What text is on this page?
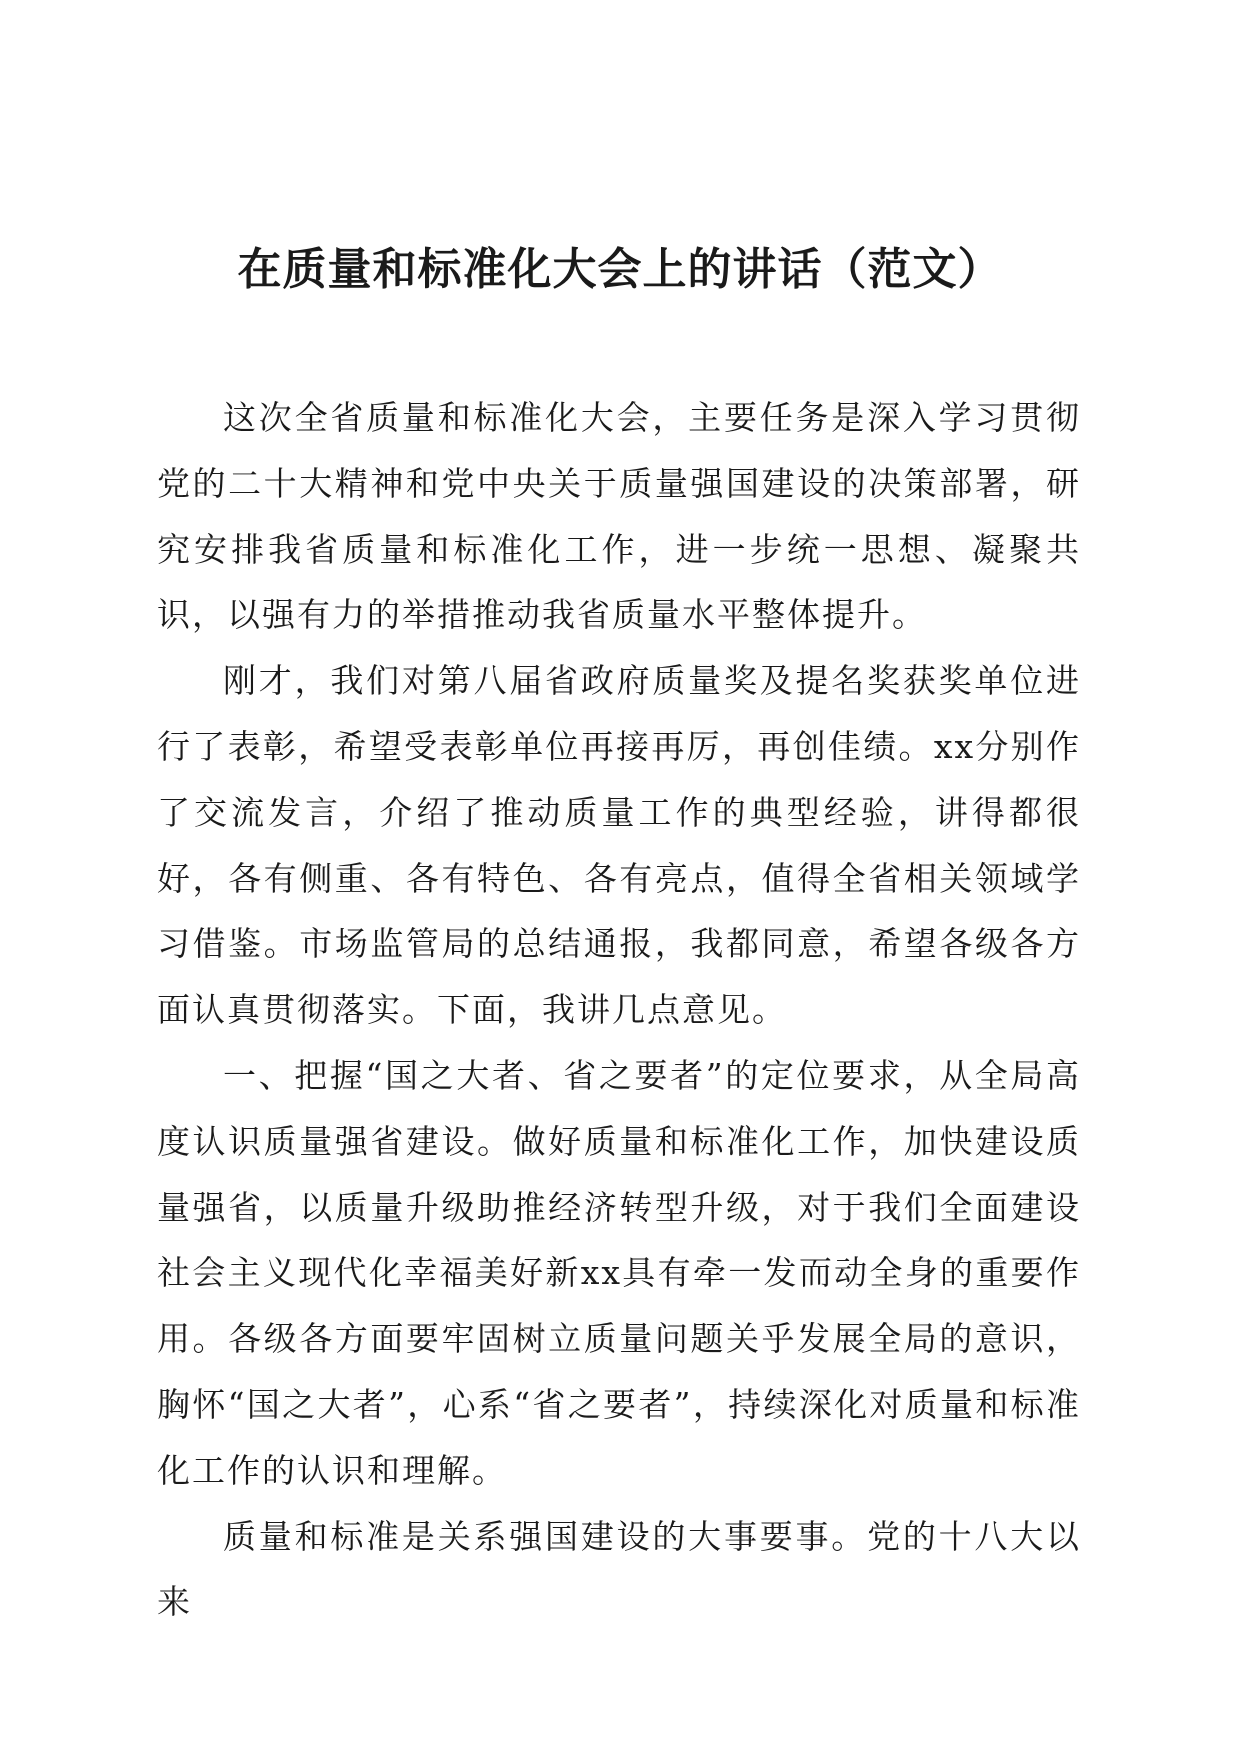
在质量和标准化大会上的讲话（范文）

这次全省质量和标准化大会，主要任务是深入学习贯彻党的二十大精神和党中央关于质量强国建设的决策部署，研究安排我省质量和标准化工作，进一步统一思想、凝聚共识，以强有力的举措推动我省质量水平整体提升。

刚才，我们对第八届省政府质量奖及提名奖获奖单位进行了表彰，希望受表彰单位再接再厉，再创佳绩。xx分别作了交流发言，介绍了推动质量工作的典型经验，讲得都很好，各有侧重、各有特色、各有亮点，值得全省相关领域学习借鉴。市场监管局的总结通报，我都同意，希望各级各方面认真贯彻落实。下面，我讲几点意见。

一、把握“国之大者、省之要者”的定位要求，从全局高度认识质量强省建设。做好质量和标准化工作，加快建设质量强省，以质量升级助推经济转型升级，对于我们全面建设社会主义现代化幸福美好新xx具有牵一发而动全身的重要作用。各级各方面要牢固树立质量问题关乎发展全局的意识，胸怀“国之大者”，心系“省之要者”，持续深化对质量和标准化工作的认识和理解。

质量和标准是关系强国建设的大事要事。党的十八大以来
